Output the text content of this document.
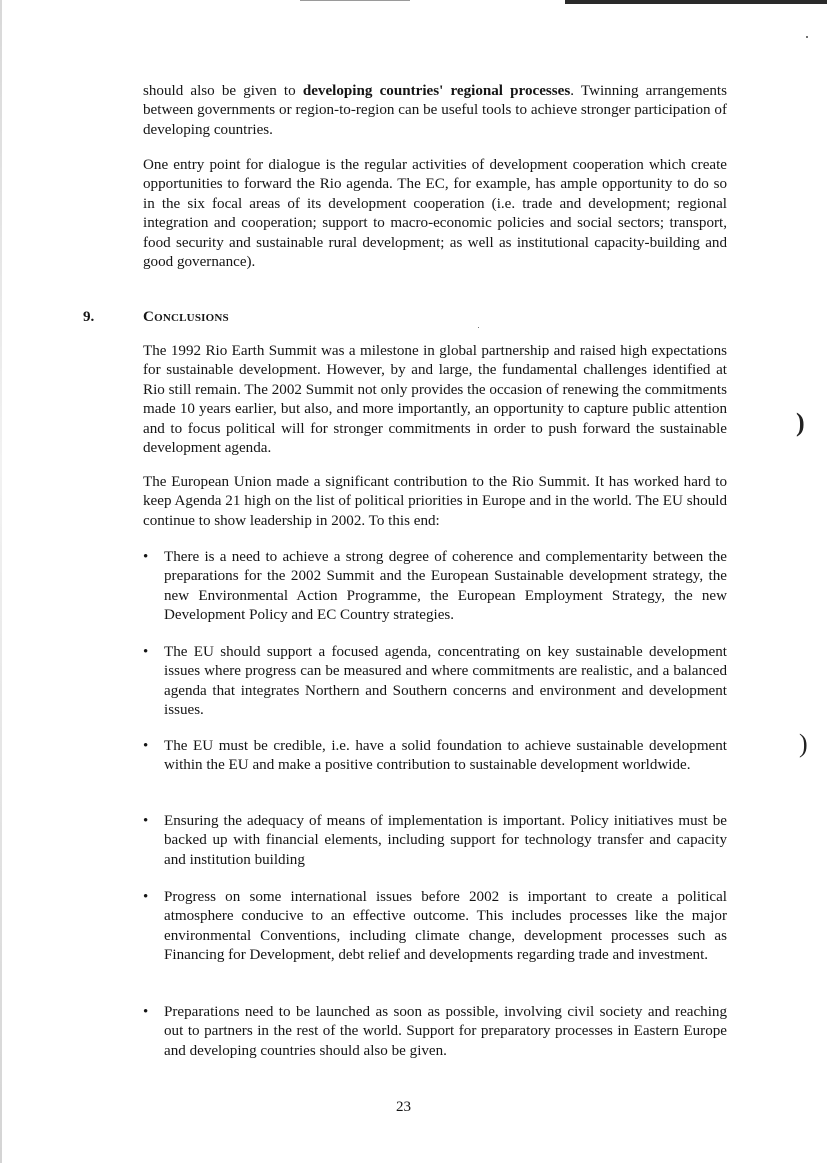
should also be given to developing countries' regional processes. Twinning arrangements between governments or region-to-region can be useful tools to achieve stronger participation of developing countries.

One entry point for dialogue is the regular activities of development cooperation which create opportunities to forward the Rio agenda. The EC, for example, has ample opportunity to do so in the six focal areas of its development cooperation (i.e. trade and development; regional integration and cooperation; support to macro-economic policies and social sectors; transport, food security and sustainable rural development; as well as institutional capacity-building and good governance).

9.	Conclusions

The 1992 Rio Earth Summit was a milestone in global partnership and raised high expectations for sustainable development. However, by and large, the fundamental challenges identified at Rio still remain. The 2002 Summit not only provides the occasion of renewing the commitments made 10 years earlier, but also, and more importantly, an opportunity to capture public attention and to focus political will for stronger commitments in order to push forward the sustainable development agenda.

The European Union made a significant contribution to the Rio Summit. It has worked hard to keep Agenda 21 high on the list of political priorities in Europe and in the world. The EU should continue to show leadership in 2002. To this end:

• There is a need to achieve a strong degree of coherence and complementarity between the preparations for the 2002 Summit and the European Sustainable development strategy, the new Environmental Action Programme, the European Employment Strategy, the new Development Policy and EC Country strategies.
• The EU should support a focused agenda, concentrating on key sustainable development issues where progress can be measured and where commitments are realistic, and a balanced agenda that integrates Northern and Southern concerns and environment and development issues.
• The EU must be credible, i.e. have a solid foundation to achieve sustainable development within the EU and make a positive contribution to sustainable development worldwide.
• Ensuring the adequacy of means of implementation is important. Policy initiatives must be backed up with financial elements, including support for technology transfer and capacity and institution building
• Progress on some international issues before 2002 is important to create a political atmosphere conducive to an effective outcome. This includes processes like the major environmental Conventions, including climate change, development processes such as Financing for Development, debt relief and developments regarding trade and investment.
• Preparations need to be launched as soon as possible, involving civil society and reaching out to partners in the rest of the world. Support for preparatory processes in Eastern Europe and developing countries should also be given.
)
)

23
